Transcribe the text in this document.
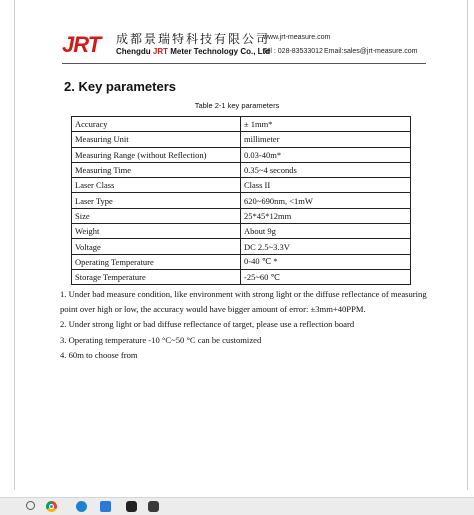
JRT	成都景瑞特科技有限公司
Chengdu JRT Meter Technology Co., Ltd
www.jrt-measure.com
Tel : 028-83533012 Email:sales@jrt-measure.com
2. Key parameters
Table 2-1 key parameters
Accuracy	± 1mm*
Measuring Unit	millimeter
Measuring Range (without Reflection)	0.03-40m*
Measuring Time	0.35~4 seconds
Laser Class	Class II
Laser Type	620~690nm, <1mW
Size	25*45*12mm
Weight	About 9g
Voltage	DC 2.5~3.3V
Operating Temperature	0-40 ℃ *
Storage Temperature	-25~60 ℃

1. Under bad measure condition, like environment with strong light or the diffuse reflectance of measuring point over high or low, the accuracy would have bigger amount of error: ±3mm+40PPM.

2. Under strong light or bad diffuse reflectance of target, please use a reflection board

3. Operating temperature -10 °C~50 °C can be customized

4. 60m to choose from
